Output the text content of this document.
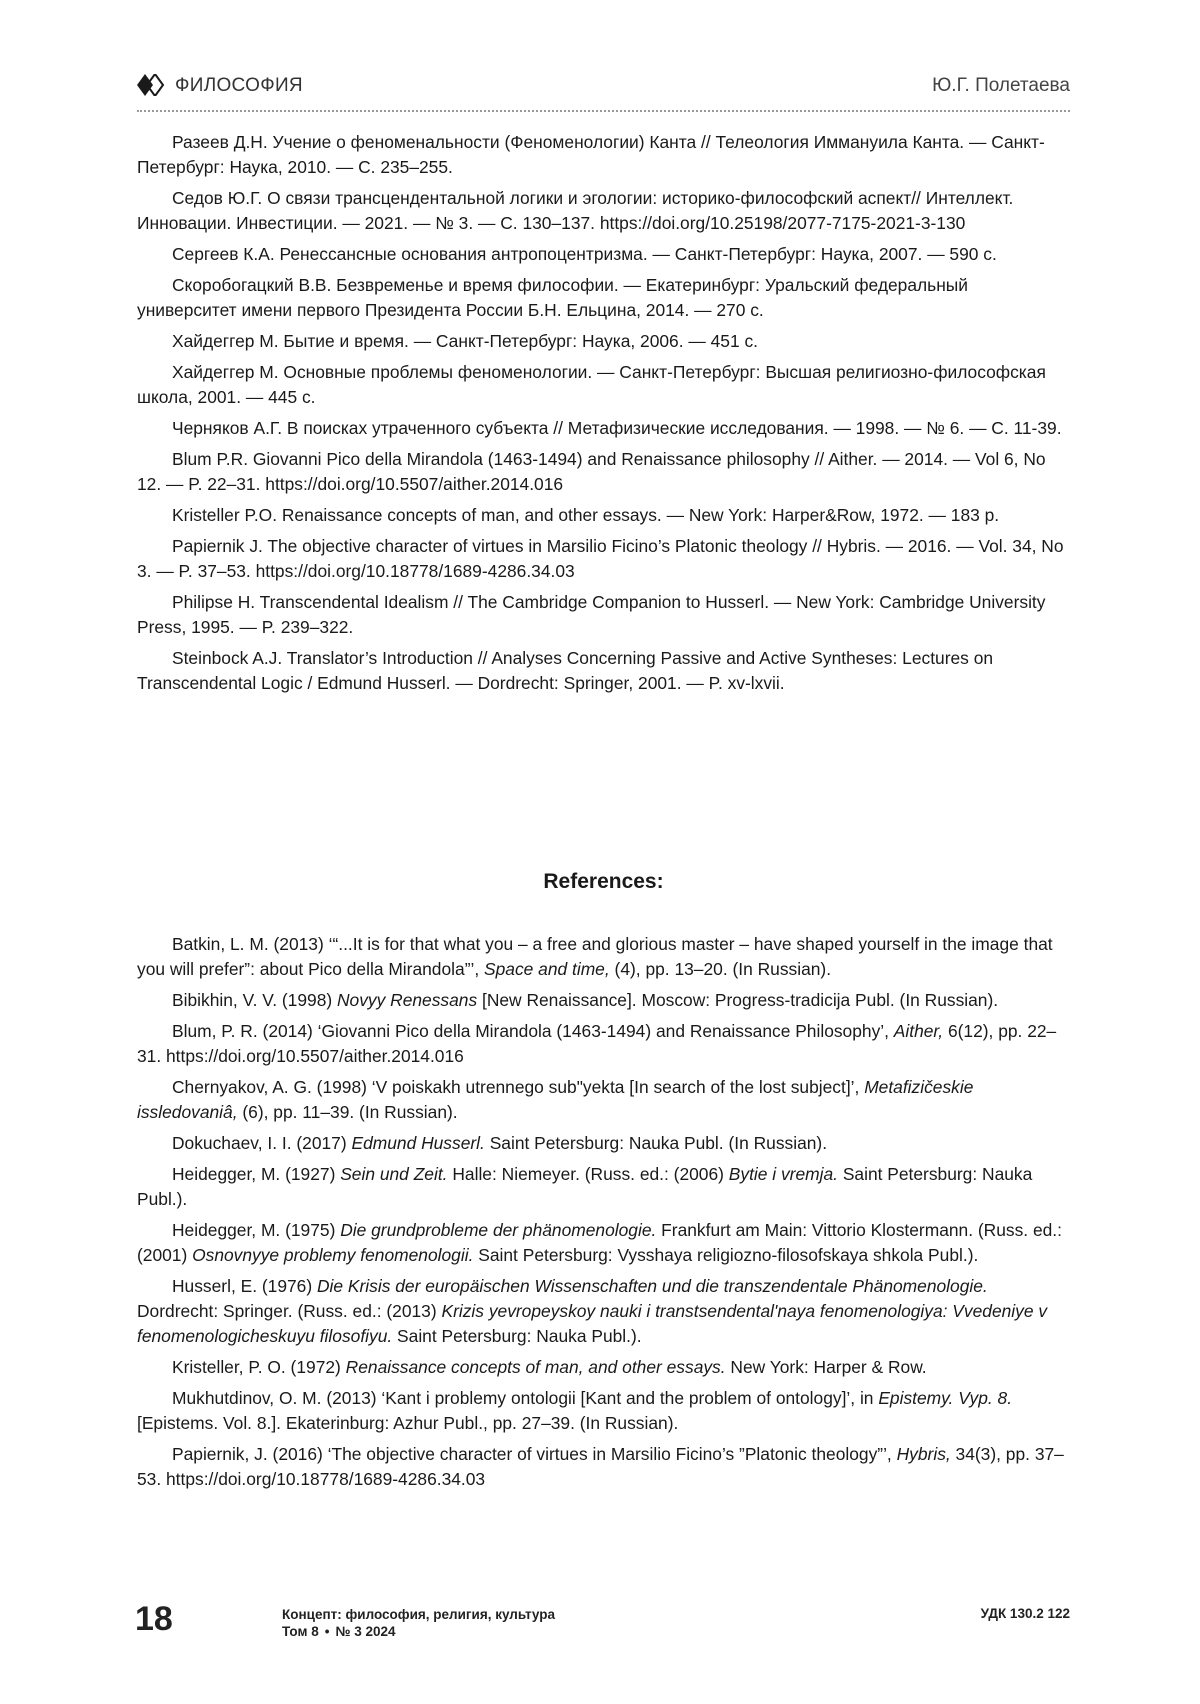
ФИЛОСОФИЯ	Ю.Г. Полетаева

Разеев Д.Н. Учение о феноменальности (Феноменологии) Канта // Телеология Иммануила Канта. — Санкт-Петербург: Наука, 2010. — С. 235–255.

Седов Ю.Г. О связи трансцендентальной логики и эгологии: историко-философский аспект// Интеллект. Инновации. Инвестиции. — 2021. — № 3. — С. 130–137. https://doi.org/10.25198/2077-7175-2021-3-130

Сергеев К.А. Ренессансные основания антропоцентризма. — Санкт-Петербург: Наука, 2007. — 590 с.

Скоробогацкий В.В. Безвременье и время философии. — Екатеринбург: Уральский федеральный университет имени первого Президента России Б.Н. Ельцина, 2014. — 270 с.

Хайдеггер М. Бытие и время. — Санкт-Петербург: Наука, 2006. — 451 с.

Хайдеггер М. Основные проблемы феноменологии. — Санкт-Петербург: Высшая религиозно-философская школа, 2001. — 445 с.

Черняков А.Г. В поисках утраченного субъекта // Метафизические исследования. — 1998. — № 6. — С. 11-39.

Blum P.R. Giovanni Pico della Mirandola (1463-1494) and Renaissance philosophy // Aither. — 2014. — Vol 6, No 12. — P. 22–31. https://doi.org/10.5507/aither.2014.016

Kristeller P.O. Renaissance concepts of man, and other essays. — New York: Harper&Row, 1972. — 183 p.

Papiernik J. The objective character of virtues in Marsilio Ficino’s Platonic theology // Hybris. — 2016. — Vol. 34, No 3. — P. 37–53. https://doi.org/10.18778/1689-4286.34.03

Philipse H. Transcendental Idealism // The Cambridge Companion to Husserl. — New York: Cambridge University Press, 1995. — P. 239–322.

Steinbock A.J. Translator’s Introduction // Analyses Concerning Passive and Active Syntheses: Lectures on Transcendental Logic / Edmund Husserl. — Dordrecht: Springer, 2001. — P. xv-lxvii.

References:

Batkin, L. M. (2013) ‘“...It is for that what you – a free and glorious master – have shaped yourself in the image that you will prefer”: about Pico della Mirandola”’, Space and time, (4), pp. 13–20. (In Russian).

Bibikhin, V. V. (1998) Novyy Renessans [New Renaissance]. Moscow: Progress-tradicija Publ. (In Russian).

Blum, P. R. (2014) ‘Giovanni Pico della Mirandola (1463-1494) and Renaissance Philosophy’, Aither, 6(12), pp. 22–31. https://doi.org/10.5507/aither.2014.016

Chernyakov, A. G. (1998) ‘V poiskakh utrennego sub"yekta [In search of the lost subject]’, Metafizičeskie issledovaniâ, (6), pp. 11–39. (In Russian).

Dokuchaev, I. I. (2017) Edmund Husserl. Saint Petersburg: Nauka Publ. (In Russian).

Heidegger, M. (1927) Sein und Zeit. Halle: Niemeyer. (Russ. ed.: (2006) Bytie i vremja. Saint Petersburg: Nauka Publ.).

Heidegger, M. (1975) Die grundprobleme der phänomenologie. Frankfurt am Main: Vittorio Klostermann. (Russ. ed.: (2001) Osnovnyye problemy fenomenologii. Saint Petersburg: Vysshaya religiozno-filosofskaya shkola Publ.).

Husserl, E. (1976) Die Krisis der europäischen Wissenschaften und die transzendentale Phänomenologie. Dordrecht: Springer. (Russ. ed.: (2013) Krizis yevropeyskoy nauki i transtsendental'naya fenomenologiya: Vvedeniye v fenomenologicheskuyu filosofiyu. Saint Petersburg: Nauka Publ.).

Kristeller, P. O. (1972) Renaissance concepts of man, and other essays. New York: Harper & Row.

Mukhutdinov, O. M. (2013) ‘Kant i problemy ontologii [Kant and the problem of ontology]’, in Epistemy. Vyp. 8. [Epistems. Vol. 8.]. Ekaterinburg: Azhur Publ., pp. 27–39. (In Russian).

Papiernik, J. (2016) ‘The objective character of virtues in Marsilio Ficino’s ”Platonic theology”’, Hybris, 34(3), pp. 37–53. https://doi.org/10.18778/1689-4286.34.03

18	Концепт: философия, религия, культура
Том 8 • № 3 2024
УДК 130.2 122
